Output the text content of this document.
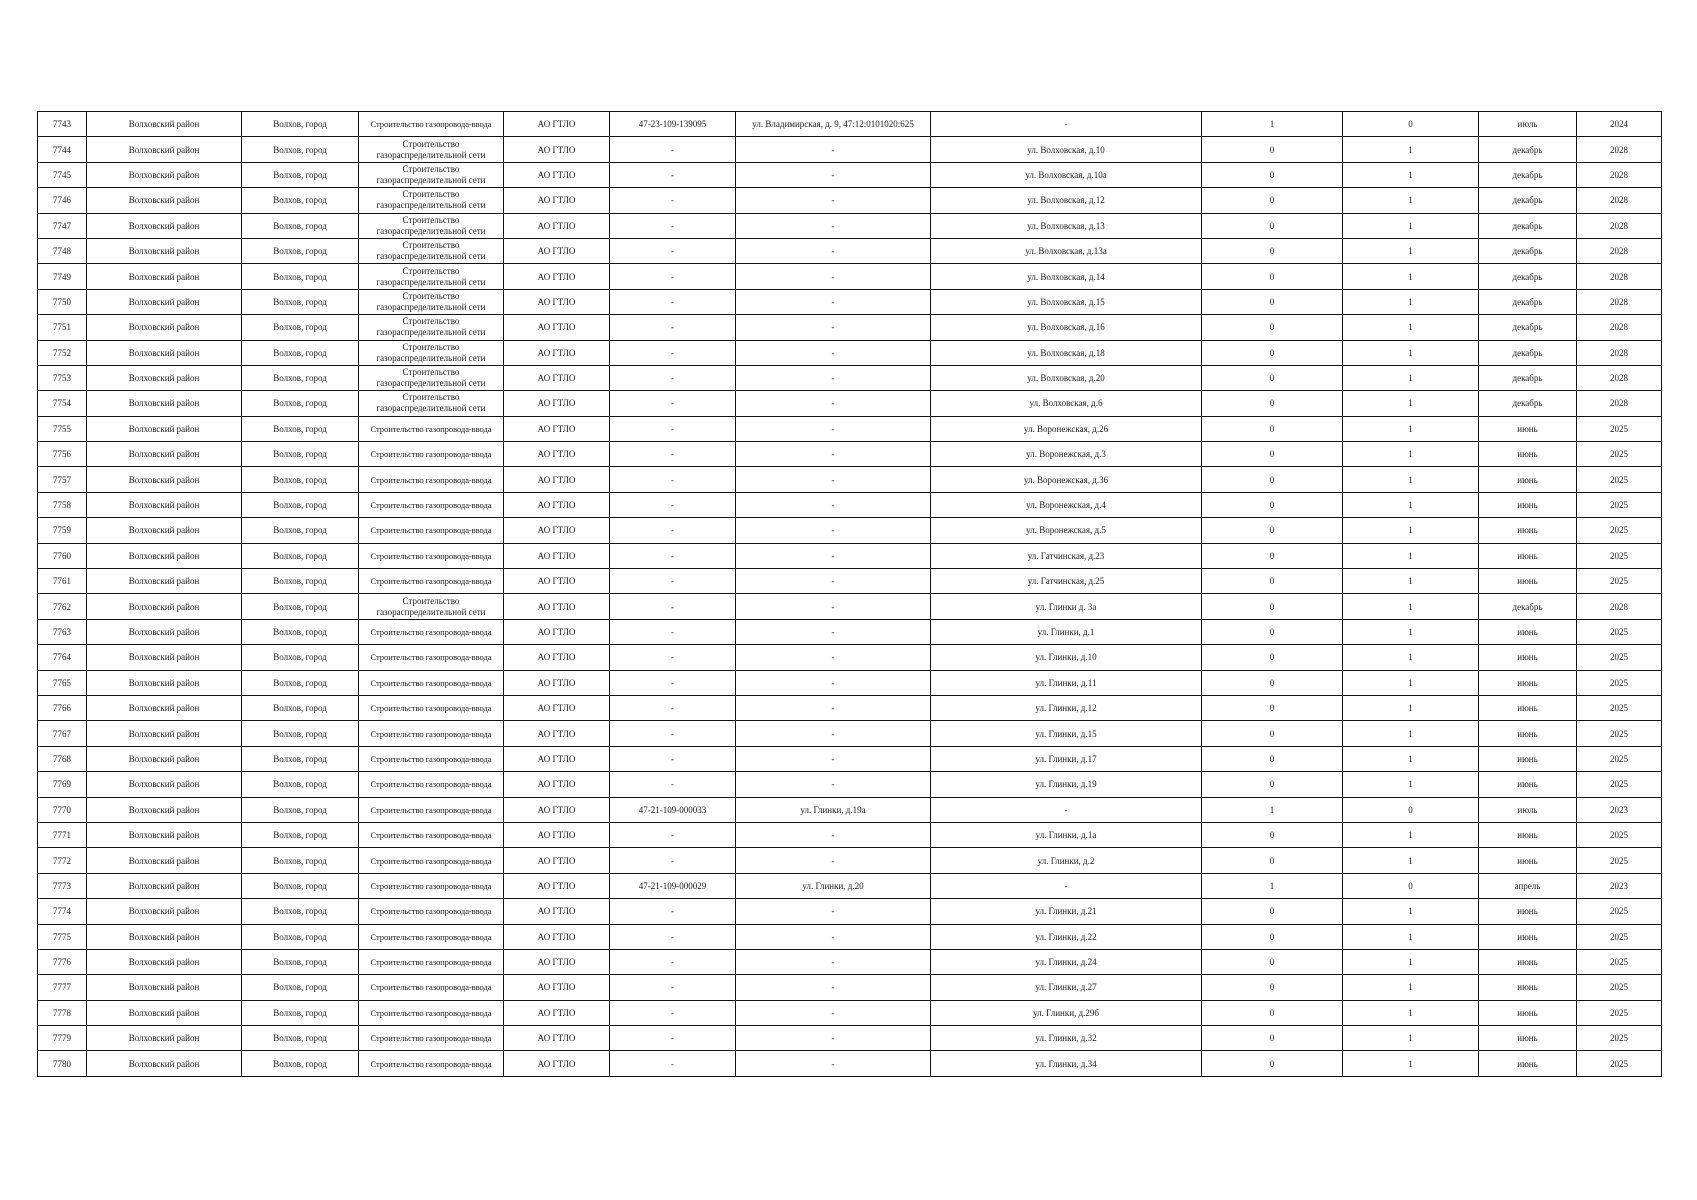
7743	Волховский район	Волхов, город	Строительство газопровода-ввода	АО ГТЛО	47-23-109-139095	ул. Владимирская, д. 9, 47:12:0101020:625	-	1	0	июль	2024
7744	Волховский район	Волхов, город	Строительство газораспределительной сети	АО ГТЛО	-	-	ул. Волховская, д.10	0	1	декабрь	2028
7745	Волховский район	Волхов, город	Строительство газораспределительной сети	АО ГТЛО	-	-	ул. Волховская, д.10а	0	1	декабрь	2028
7746	Волховский район	Волхов, город	Строительство газораспределительной сети	АО ГТЛО	-	-	ул. Волховская, д.12	0	1	декабрь	2028
7747	Волховский район	Волхов, город	Строительство газораспределительной сети	АО ГТЛО	-	-	ул. Волховская, д.13	0	1	декабрь	2028
7748	Волховский район	Волхов, город	Строительство газораспределительной сети	АО ГТЛО	-	-	ул. Волховская, д.13а	0	1	декабрь	2028
7749	Волховский район	Волхов, город	Строительство газораспределительной сети	АО ГТЛО	-	-	ул. Волховская, д.14	0	1	декабрь	2028
7750	Волховский район	Волхов, город	Строительство газораспределительной сети	АО ГТЛО	-	-	ул. Волховская, д.15	0	1	декабрь	2028
7751	Волховский район	Волхов, город	Строительство газораспределительной сети	АО ГТЛО	-	-	ул. Волховская, д.16	0	1	декабрь	2028
7752	Волховский район	Волхов, город	Строительство газораспределительной сети	АО ГТЛО	-	-	ул. Волховская, д.18	0	1	декабрь	2028
7753	Волховский район	Волхов, город	Строительство газораспределительной сети	АО ГТЛО	-	-	ул. Волховская, д.20	0	1	декабрь	2028
7754	Волховский район	Волхов, город	Строительство газораспределительной сети	АО ГТЛО	-	-	ул. Волховская, д.6	0	1	декабрь	2028
7755	Волховский район	Волхов, город	Строительство газопровода-ввода	АО ГТЛО	-	-	ул. Воронежская, д.26	0	1	июнь	2025
7756	Волховский район	Волхов, город	Строительство газопровода-ввода	АО ГТЛО	-	-	ул. Воронежская, д.3	0	1	июнь	2025
7757	Волховский район	Волхов, город	Строительство газопровода-ввода	АО ГТЛО	-	-	ул. Воронежская, д.36	0	1	июнь	2025
7758	Волховский район	Волхов, город	Строительство газопровода-ввода	АО ГТЛО	-	-	ул. Воронежская, д.4	0	1	июнь	2025
7759	Волховский район	Волхов, город	Строительство газопровода-ввода	АО ГТЛО	-	-	ул. Воронежская, д.5	0	1	июнь	2025
7760	Волховский район	Волхов, город	Строительство газопровода-ввода	АО ГТЛО	-	-	ул. Гатчинская, д.23	0	1	июнь	2025
7761	Волховский район	Волхов, город	Строительство газопровода-ввода	АО ГТЛО	-	-	ул. Гатчинская, д.25	0	1	июнь	2025
7762	Волховский район	Волхов, город	Строительство газораспределительной сети	АО ГТЛО	-	-	ул. Глинки д. 3а	0	1	декабрь	2028
7763	Волховский район	Волхов, город	Строительство газопровода-ввода	АО ГТЛО	-	-	ул. Глинки, д.1	0	1	июнь	2025
7764	Волховский район	Волхов, город	Строительство газопровода-ввода	АО ГТЛО	-	-	ул. Глинки, д.10	0	1	июнь	2025
7765	Волховский район	Волхов, город	Строительство газопровода-ввода	АО ГТЛО	-	-	ул. Глинки, д.11	0	1	июнь	2025
7766	Волховский район	Волхов, город	Строительство газопровода-ввода	АО ГТЛО	-	-	ул. Глинки, д.12	0	1	июнь	2025
7767	Волховский район	Волхов, город	Строительство газопровода-ввода	АО ГТЛО	-	-	ул. Глинки, д.15	0	1	июнь	2025
7768	Волховский район	Волхов, город	Строительство газопровода-ввода	АО ГТЛО	-	-	ул. Глинки, д.17	0	1	июнь	2025
7769	Волховский район	Волхов, город	Строительство газопровода-ввода	АО ГТЛО	-	-	ул. Глинки, д.19	0	1	июнь	2025
7770	Волховский район	Волхов, город	Строительство газопровода-ввода	АО ГТЛО	47-21-109-000033	ул. Глинки, д.19а	-	1	0	июль	2023
7771	Волховский район	Волхов, город	Строительство газопровода-ввода	АО ГТЛО	-	-	ул. Глинки, д.1а	0	1	июнь	2025
7772	Волховский район	Волхов, город	Строительство газопровода-ввода	АО ГТЛО	-	-	ул. Глинки, д.2	0	1	июнь	2025
7773	Волховский район	Волхов, город	Строительство газопровода-ввода	АО ГТЛО	47-21-109-000029	ул. Глинки, д.20	-	1	0	апрель	2023
7774	Волховский район	Волхов, город	Строительство газопровода-ввода	АО ГТЛО	-	-	ул. Глинки, д.21	0	1	июнь	2025
7775	Волховский район	Волхов, город	Строительство газопровода-ввода	АО ГТЛО	-	-	ул. Глинки, д.22	0	1	июнь	2025
7776	Волховский район	Волхов, город	Строительство газопровода-ввода	АО ГТЛО	-	-	ул. Глинки, д.24	0	1	июнь	2025
7777	Волховский район	Волхов, город	Строительство газопровода-ввода	АО ГТЛО	-	-	ул. Глинки, д.27	0	1	июнь	2025
7778	Волховский район	Волхов, город	Строительство газопровода-ввода	АО ГТЛО	-	-	ул. Глинки, д.29б	0	1	июнь	2025
7779	Волховский район	Волхов, город	Строительство газопровода-ввода	АО ГТЛО	-	-	ул. Глинки, д.32	0	1	июнь	2025
7780	Волховский район	Волхов, город	Строительство газопровода-ввода	АО ГТЛО	-	-	ул. Глинки, д.34	0	1	июнь	2025
